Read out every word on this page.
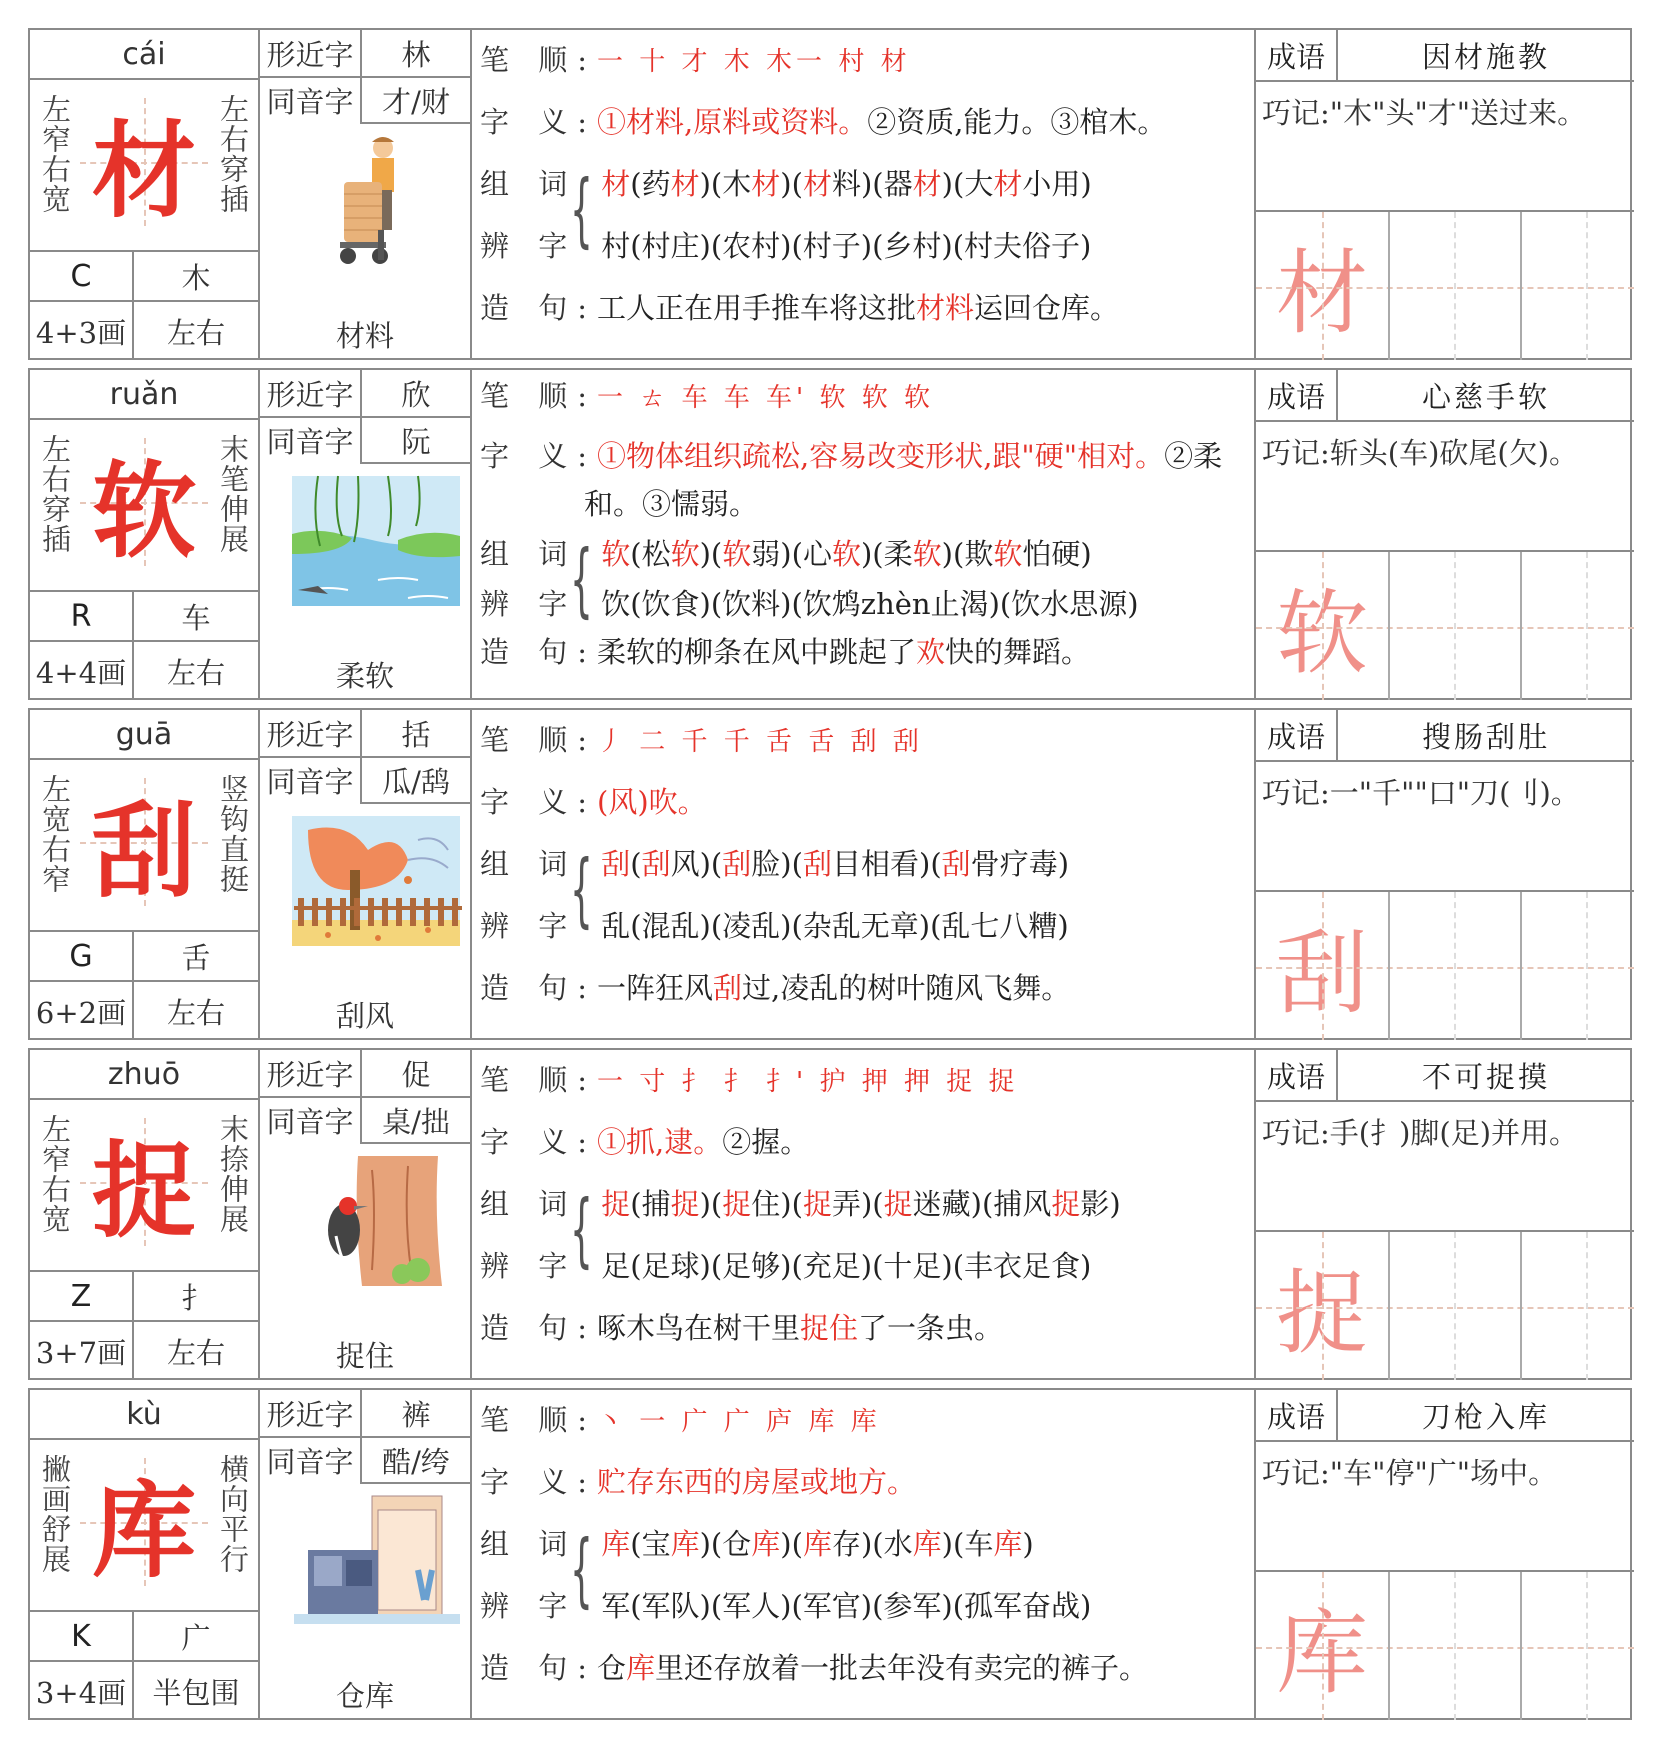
cái
左窄右宽 材 左右穿插
C	木
4+3画	左右
形近字	林
同音字 才/财
材料
笔 顺:一 十 才 木 木一 村 材
字 义:①材料,原料或资料。②资质,能力。③棺木。
{
组 词 材(药材)(木材)(材料)(器材)(大材小用)
辨 字 村(村庄)(农村)(村子)(乡村)(村夫俗子)
造 句:工人正在用手推车将这批材料运回仓库。
成语	因材施教
巧记:"木"头"才"送过来。
材
ruǎn
左右穿插 软 末笔伸展
R	车
4+4画	左右
形近字	欣
同音字	阮
柔软
笔 顺:一 ㄊ 车 车 车' 软 软 软
字 义:①物体组织疏松,容易改变形状,跟"硬"相对。②柔
和。③懦弱。
{
组 词 软(松软)(软弱)(心软)(柔软)(欺软怕硬)
辨 字 饮(饮食)(饮料)(饮鸩zhèn止渴)(饮水思源)
造 句:柔软的柳条在风中跳起了欢快的舞蹈。
成语	心慈手软
巧记:斩头(车)砍尾(欠)。
软
guā
左宽右窄 刮 竖钩直挺
G	舌
6+2画	左右
形近字	括
同音字 瓜/鸹
刮风
笔 顺:丿 二 千 千 舌 舌 刮 刮
字 义:(风)吹。
{
组 词 刮(刮风)(刮脸)(刮目相看)(刮骨疗毒)
辨 字 乱(混乱)(凌乱)(杂乱无章)(乱七八糟)
造 句:一阵狂风刮过,凌乱的树叶随风飞舞。
成语	搜肠刮肚
巧记:一"千""口"刀(刂)。
刮
zhuō
左窄右宽 捉 末捺伸展
Z	扌
3+7画	左右
形近字	促
同音字 桌/拙
捉住
笔 顺:一 寸 扌 扌 扌' 护 押 押 捉 捉
字 义:①抓,逮。②握。
{
组 词 捉(捕捉)(捉住)(捉弄)(捉迷藏)(捕风捉影)
辨 字 足(足球)(足够)(充足)(十足)(丰衣足食)
造 句:啄木鸟在树干里捉住了一条虫。
成语	不可捉摸
巧记:手(扌)脚(足)并用。
捉
kù
撇画舒展 库 横向平行
K	广
3+4画 半包围
形近字	裤
同音字 酷/绔
仓库
笔 顺:丶 一 广 广 庐 库 库
字 义:贮存东西的房屋或地方。
{
组 词 库(宝库)(仓库)(库存)(水库)(车库)
辨 字 军(军队)(军人)(军官)(参军)(孤军奋战)
造 句:仓库里还存放着一批去年没有卖完的裤子。
成语	刀枪入库
巧记:"车"停"广"场中。
库
